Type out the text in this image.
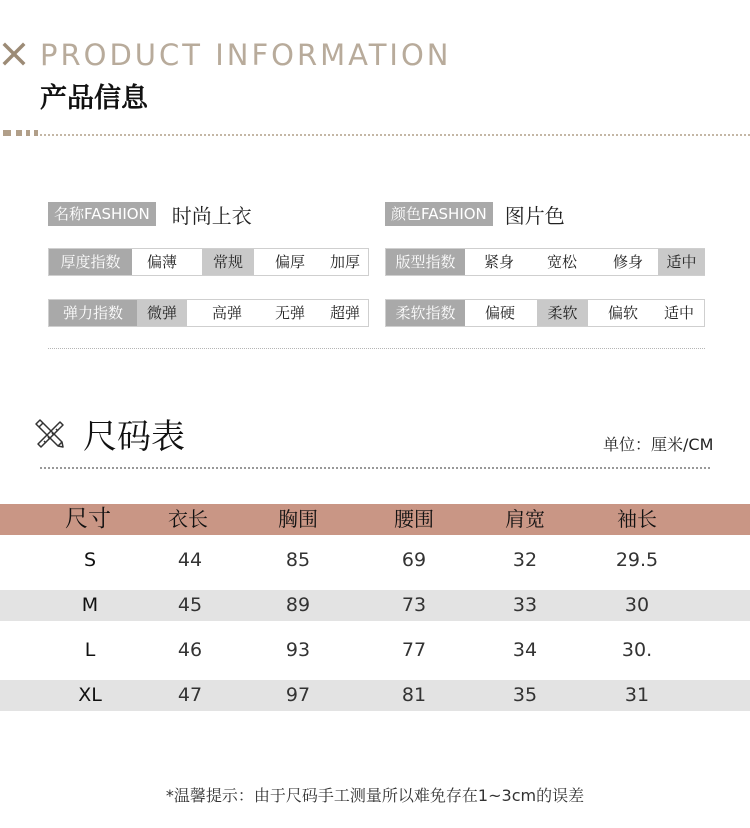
PRODUCT INFORMATION
产品信息
名称FASHION	时尚上衣	颜色FASHION 图片色
厚度指数	偏薄	常规	偏厚	加厚	版型指数	紧身	宽松	修身	适中
弹力指数	微弹	高弹	无弹	超弹	柔软指数	偏硬	柔软	偏软	适中
尺码表	单位：厘米/CM
尺寸	衣长	胸围	腰围	肩宽	袖长
S	44	85	69	32	29.5
M	45	89	73	33	30
L	46	93	77	34	30.
XL	47	97	81	35	31
*温馨提示：由于尺码手工测量所以难免存在1~3cm的误差
